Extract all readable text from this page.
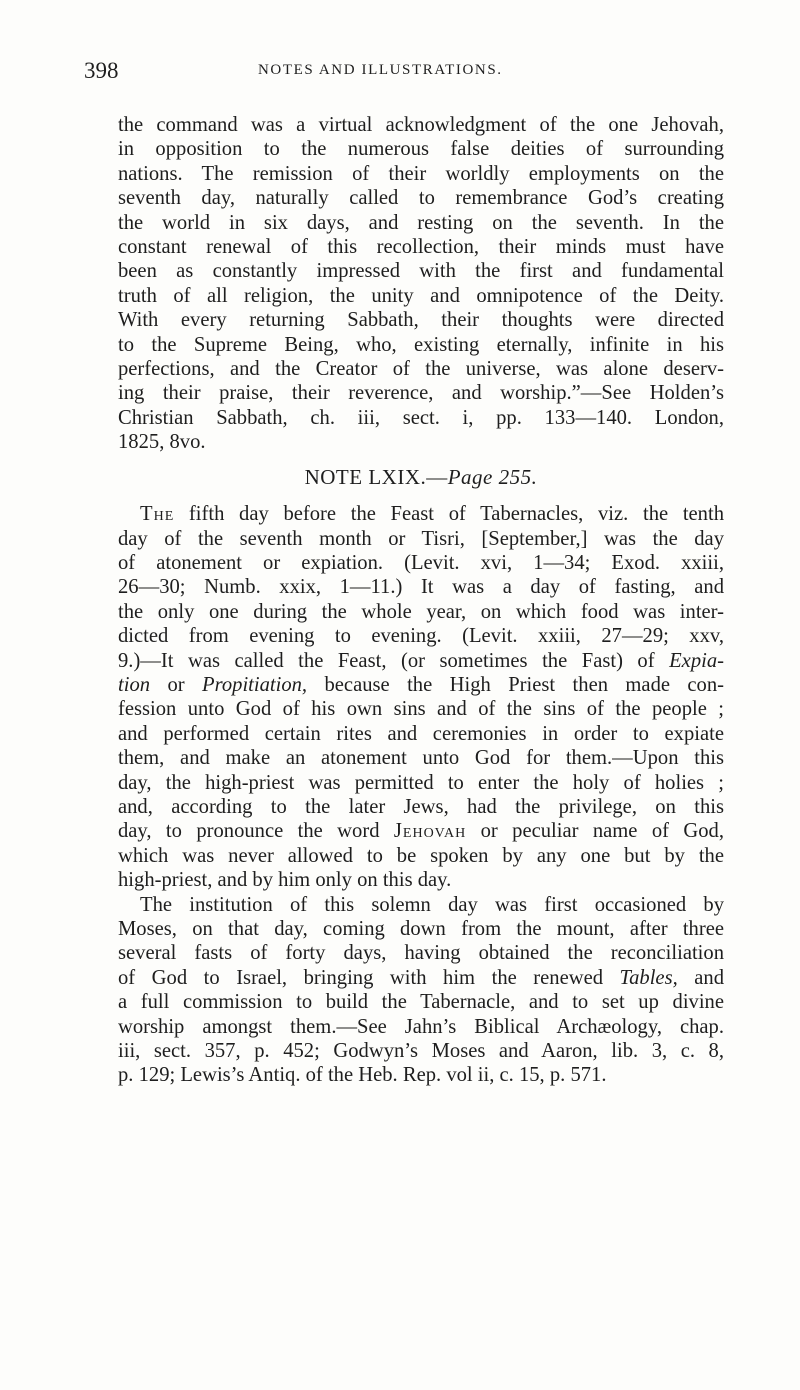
398	NOTES AND ILLUSTRATIONS.
the command was a virtual acknowledgment of the one Jehovah,
in opposition to the numerous false deities of surrounding
nations. The remission of their worldly employments on the
seventh day, naturally called to remembrance God’s creating
the world in six days, and resting on the seventh. In the
constant renewal of this recollection, their minds must have
been as constantly impressed with the first and fundamental
truth of all religion, the unity and omnipotence of the Deity.
With every returning Sabbath, their thoughts were directed
to the Supreme Being, who, existing eternally, infinite in his
perfections, and the Creator of the universe, was alone deserv-
ing their praise, their reverence, and worship.”—See Holden’s
Christian Sabbath, ch. iii, sect. i, pp. 133—140. London,
1825, 8vo.
NOTE LXIX.—Page 255.
The fifth day before the Feast of Tabernacles, viz. the tenth
day of the seventh month or Tisri, [September,] was the day
of atonement or expiation. (Levit. xvi, 1—34; Exod. xxiii,
26—30; Numb. xxix, 1—11.) It was a day of fasting, and
the only one during the whole year, on which food was inter-
dicted from evening to evening. (Levit. xxiii, 27—29; xxv,
9.)—It was called the Feast, (or sometimes the Fast) of Expia-
tion or Propitiation, because the High Priest then made con-
fession unto God of his own sins and of the sins of the people ;
and performed certain rites and ceremonies in order to expiate
them, and make an atonement unto God for them.—Upon this
day, the high-priest was permitted to enter the holy of holies ;
and, according to the later Jews, had the privilege, on this
day, to pronounce the word Jehovah or peculiar name of God,
which was never allowed to be spoken by any one but by the
high-priest, and by him only on this day.
The institution of this solemn day was first occasioned by
Moses, on that day, coming down from the mount, after three
several fasts of forty days, having obtained the reconciliation
of God to Israel, bringing with him the renewed Tables, and
a full commission to build the Tabernacle, and to set up divine
worship amongst them.—See Jahn’s Biblical Archæology, chap.
iii, sect. 357, p. 452; Godwyn’s Moses and Aaron, lib. 3, c. 8,
p. 129; Lewis’s Antiq. of the Heb. Rep. vol ii, c. 15, p. 571.
